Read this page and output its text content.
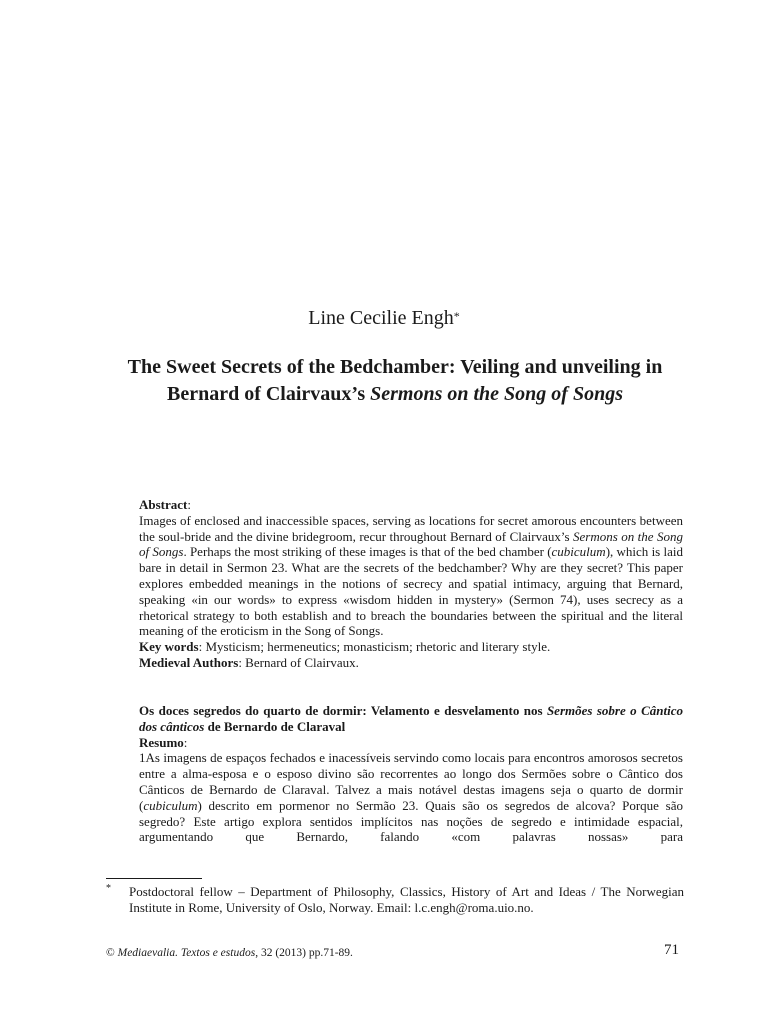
Line Cecilie Engh*
The Sweet Secrets of the Bedchamber: Veiling and unveiling in Bernard of Clairvaux’s Sermons on the Song of Songs
Abstract:
Images of enclosed and inaccessible spaces, serving as locations for secret amorous encounters between the soul-bride and the divine bridegroom, recur throughout Bernard of Clairvaux’s Sermons on the Song of Songs. Perhaps the most striking of these images is that of the bed chamber (cubiculum), which is laid bare in detail in Sermon 23. What are the secrets of the bedchamber? Why are they secret? This paper explores embedded meanings in the notions of secrecy and spatial intimacy, arguing that Bernard, speaking «in our words» to express «wisdom hidden in mystery» (Sermon 74), uses secrecy as a rhetorical strategy to both establish and to breach the boundaries between the spiritual and the literal meaning of the eroticism in the Song of Songs.
Key words: Mysticism; hermeneutics; monasticism; rhetoric and literary style.
Medieval Authors: Bernard of Clairvaux.
Os doces segredos do quarto de dormir: Velamento e desvelamento nos Sermões sobre o Cântico dos cânticos de Bernardo de Claraval
Resumo:
1As imagens de espaços fechados e inacessíveis servindo como locais para encontros amorosos secretos entre a alma-esposa e o esposo divino são recorrentes ao longo dos Sermões sobre o Cântico dos Cânticos de Bernardo de Claraval. Talvez a mais notável destas imagens seja o quarto de dormir (cubiculum) descrito em pormenor no Sermão 23. Quais são os segredos de alcova? Porque são segredo? Este artigo explora sentidos implícitos nas noções de segredo e intimidade espacial, argumentando que Bernardo, falando «com palavras nossas» para
* Postdoctoral fellow – Department of Philosophy, Classics, History of Art and Ideas / The Norwegian Institute in Rome, University of Oslo, Norway. Email: l.c.engh@roma.uio.no.
© Mediaevalia. Textos e estudos, 32 (2013) pp.71-89.	71
